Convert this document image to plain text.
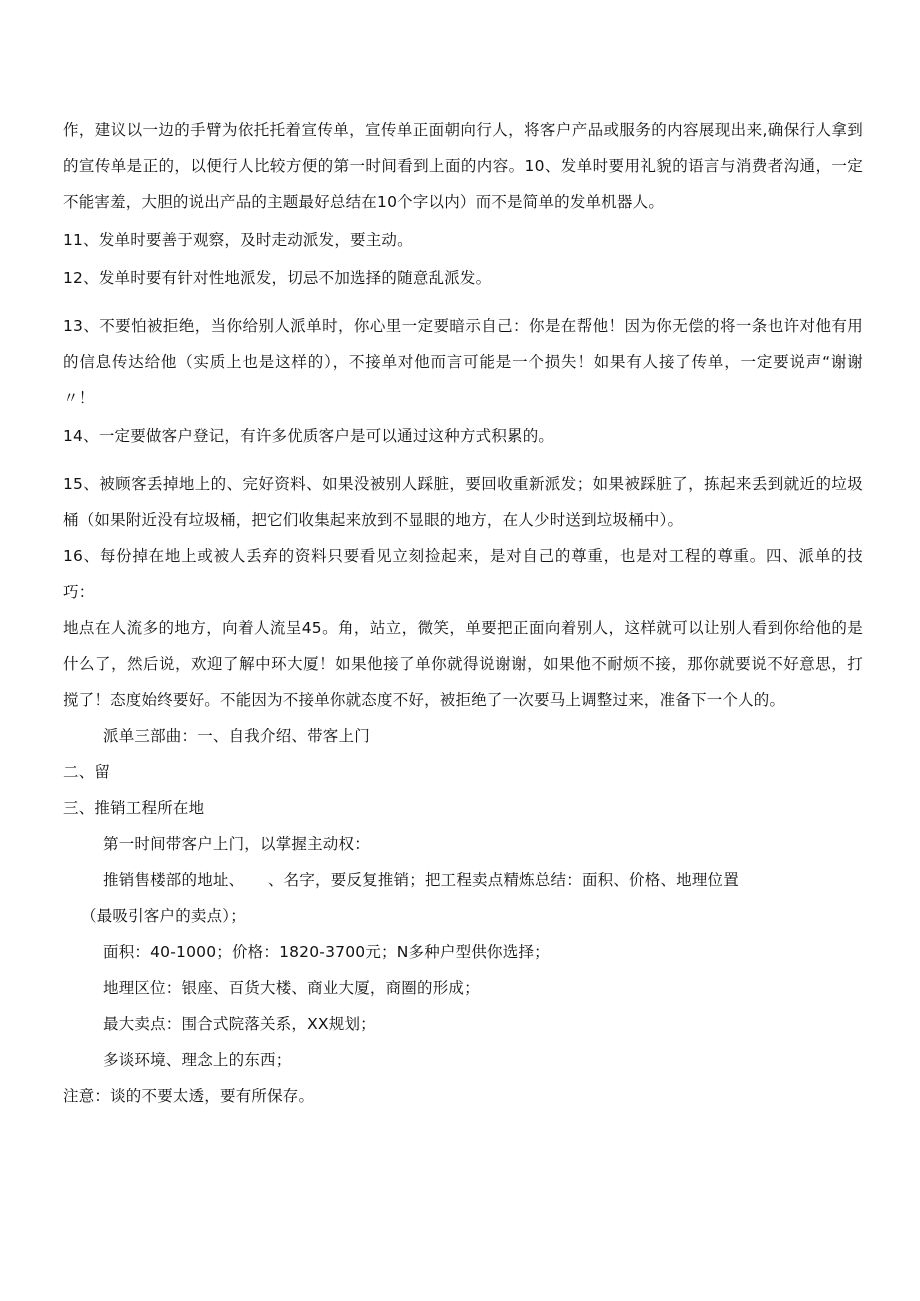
作，建议以一边的手臂为依托托着宣传单，宣传单正面朝向行人，将客户产品或服务的内容展现出来,确保行人拿到的宣传单是正的，以便行人比较方便的第一时间看到上面的内容。10、发单时要用礼貌的语言与消费者沟通，一定不能害羞，大胆的说出产品的主题最好总结在10个字以内）而不是简单的发单机器人。

11、发单时要善于观察，及时走动派发，要主动。

12、发单时要有针对性地派发，切忌不加选择的随意乱派发。

13、不要怕被拒绝，当你给别人派单时，你心里一定要暗示自己：你是在帮他！因为你无偿的将一条也许对他有用的信息传达给他（实质上也是这样的），不接单对他而言可能是一个损失！如果有人接了传单，一定要说声“谢谢〃！

14、一定要做客户登记，有许多优质客户是可以通过这种方式积累的。

15、被顾客丢掉地上的、完好资料、如果没被别人踩脏，要回收重新派发；如果被踩脏了，拣起来丢到就近的垃圾桶（如果附近没有垃圾桶，把它们收集起来放到不显眼的地方，在人少时送到垃圾桶中）。

16、每份掉在地上或被人丢弃的资料只要看见立刻捡起来，是对自己的尊重，也是对工程的尊重。四、派单的技巧：

地点在人流多的地方，向着人流呈45。角，站立，微笑，单要把正面向着别人，这样就可以让别人看到你给他的是什么了，然后说，欢迎了解中环大厦！如果他接了单你就得说谢谢，如果他不耐烦不接，那你就要说不好意思，打搅了！态度始终要好。不能因为不接单你就态度不好，被拒绝了一次要马上调整过来，准备下一个人的。

派单三部曲：一、自我介绍、带客上门

二、留

三、推销工程所在地

第一时间带客户上门，以掌握主动权：

推销售楼部的地址、　　、名字，要反复推销；把工程卖点精炼总结：面积、价格、地理位置

（最吸引客户的卖点）；

面积：40-1000；价格：1820-3700元；N多种户型供你选择；

地理区位：银座、百货大楼、商业大厦，商圈的形成；

最大卖点：围合式院落关系，XX规划；

多谈环境、理念上的东西；

注意：谈的不要太透，要有所保存。
